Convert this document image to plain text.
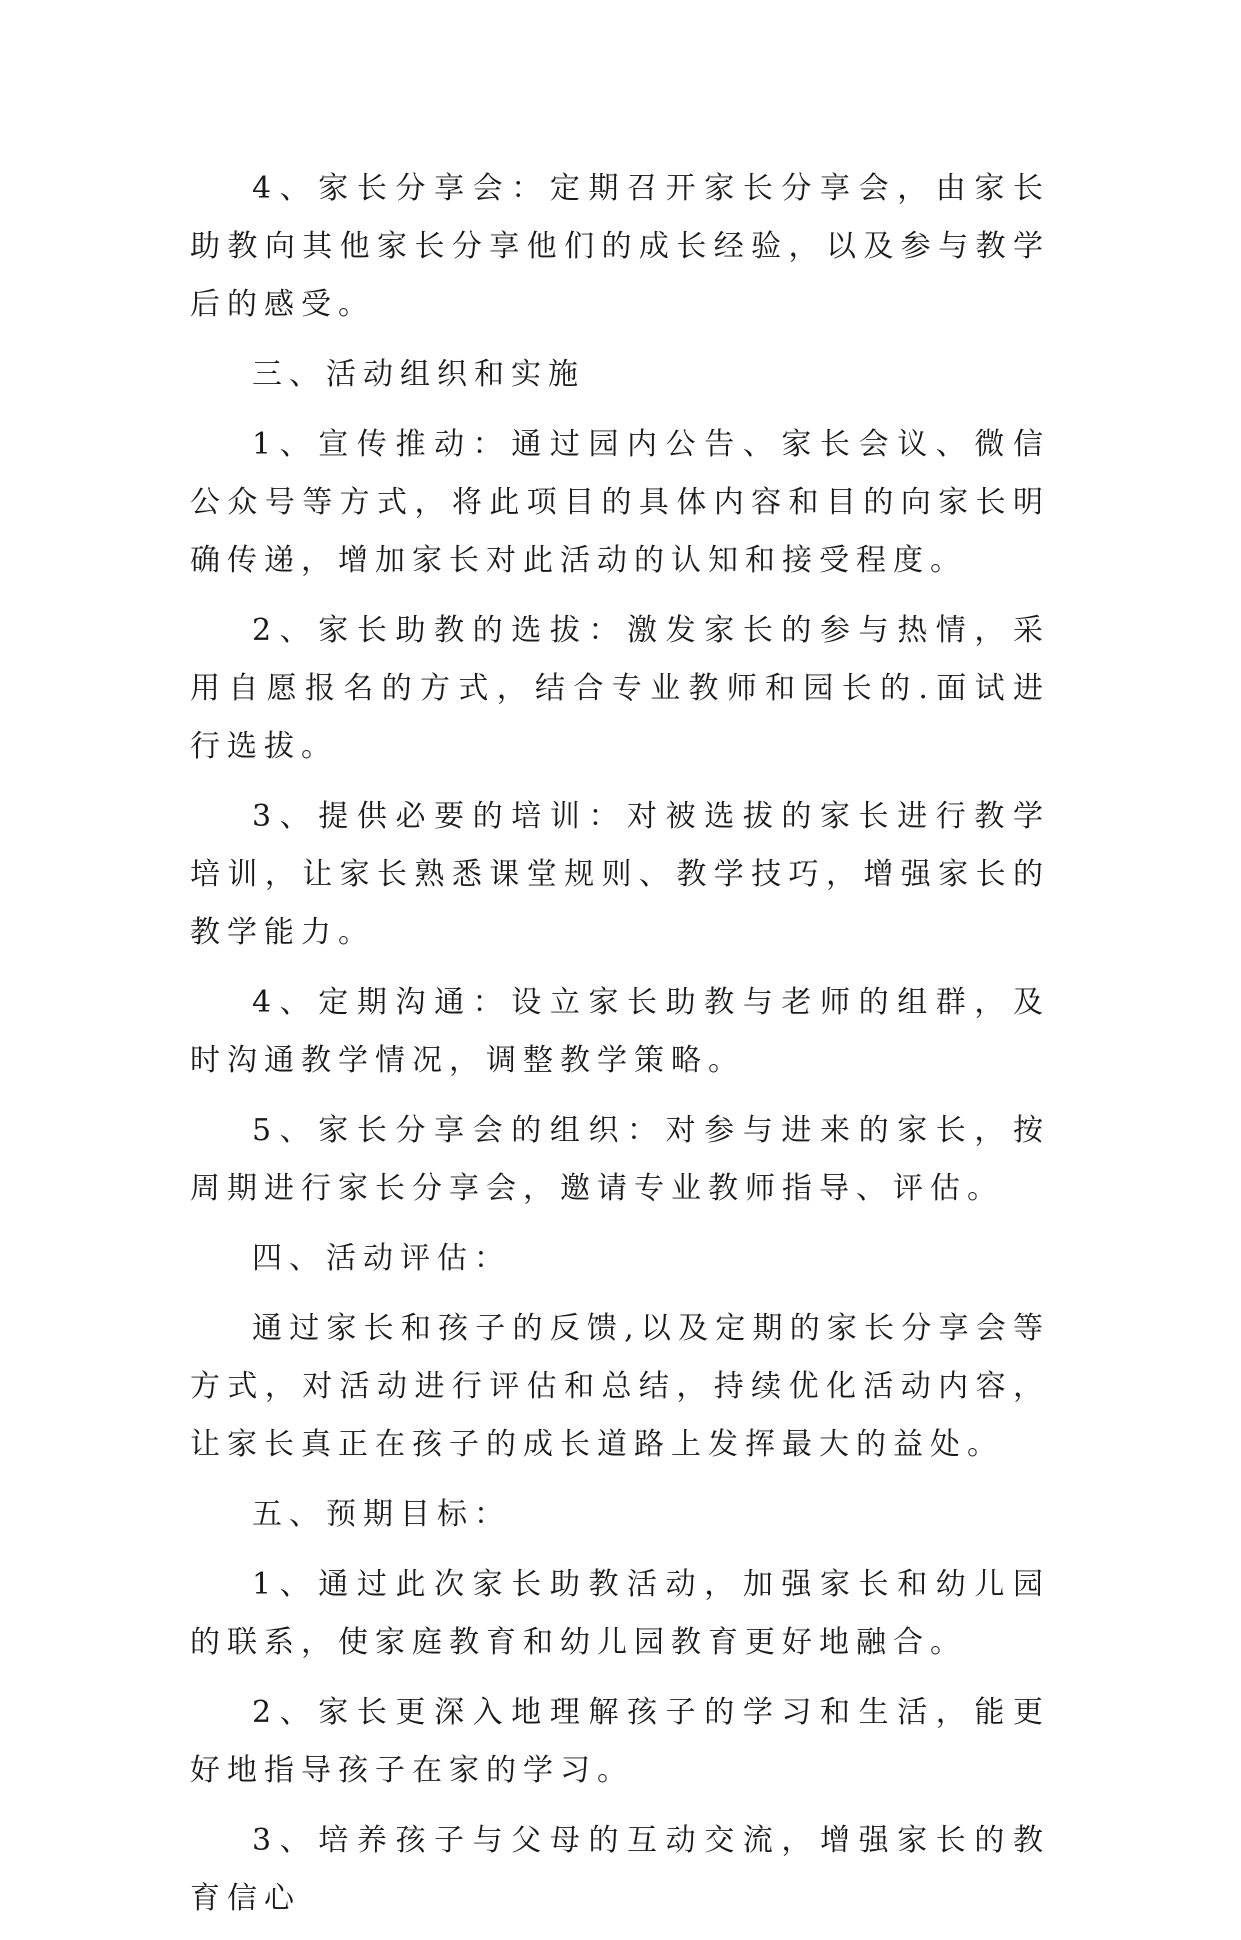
4、家长分享会：定期召开家长分享会，由家长助教向其他家长分享他们的成长经验，以及参与教学后的感受。

三、活动组织和实施

1、宣传推动：通过园内公告、家长会议、微信公众号等方式，将此项目的具体内容和目的向家长明确传递，增加家长对此活动的认知和接受程度。

2、家长助教的选拔：激发家长的参与热情，采用自愿报名的方式，结合专业教师和园长的.面试进行选拔。

3、提供必要的培训：对被选拔的家长进行教学培训，让家长熟悉课堂规则、教学技巧，增强家长的教学能力。

4、定期沟通：设立家长助教与老师的组群，及时沟通教学情况，调整教学策略。

5、家长分享会的组织：对参与进来的家长，按周期进行家长分享会，邀请专业教师指导、评估。

四、活动评估：

通过家长和孩子的反馈,以及定期的家长分享会等方式，对活动进行评估和总结，持续优化活动内容，让家长真正在孩子的成长道路上发挥最大的益处。

五、预期目标：

1、通过此次家长助教活动，加强家长和幼儿园的联系，使家庭教育和幼儿园教育更好地融合。

2、家长更深入地理解孩子的学习和生活，能更好地指导孩子在家的学习。

3、培养孩子与父母的互动交流，增强家长的教育信心
